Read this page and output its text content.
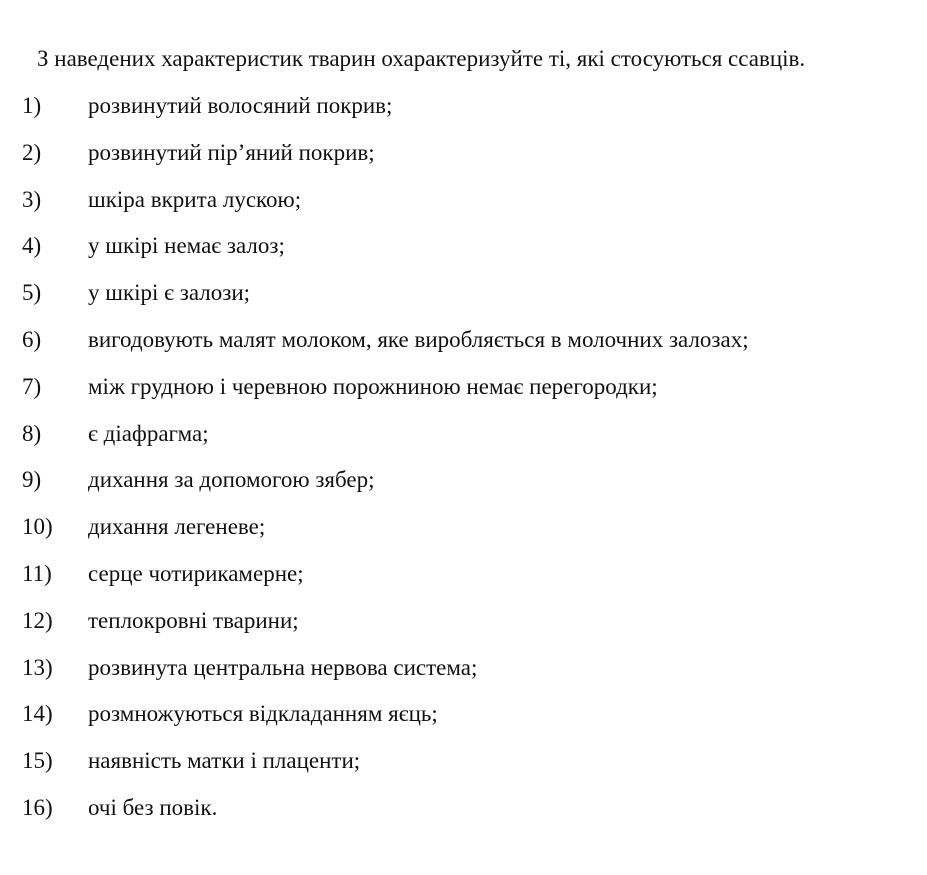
З наведених характеристик тварин охарактеризуйте ті, які стосуються ссавців.
1) розвинутий волосяний покрив;
2) розвинутий пір’яний покрив;
3) шкіра вкрита лускою;
4) у шкірі немає залоз;
5) у шкірі є залози;
6) вигодовують малят молоком, яке виробляється в молочних залозах;
7) між грудною і черевною порожниною немає перегородки;
8) є діафрагма;
9) дихання за допомогою зябер;
10) дихання легеневе;
11) серце чотирикамерне;
12) теплокровні тварини;
13) розвинута центральна нервова система;
14) розмножуються відкладанням яєць;
15) наявність матки і плаценти;
16) очі без повік.
